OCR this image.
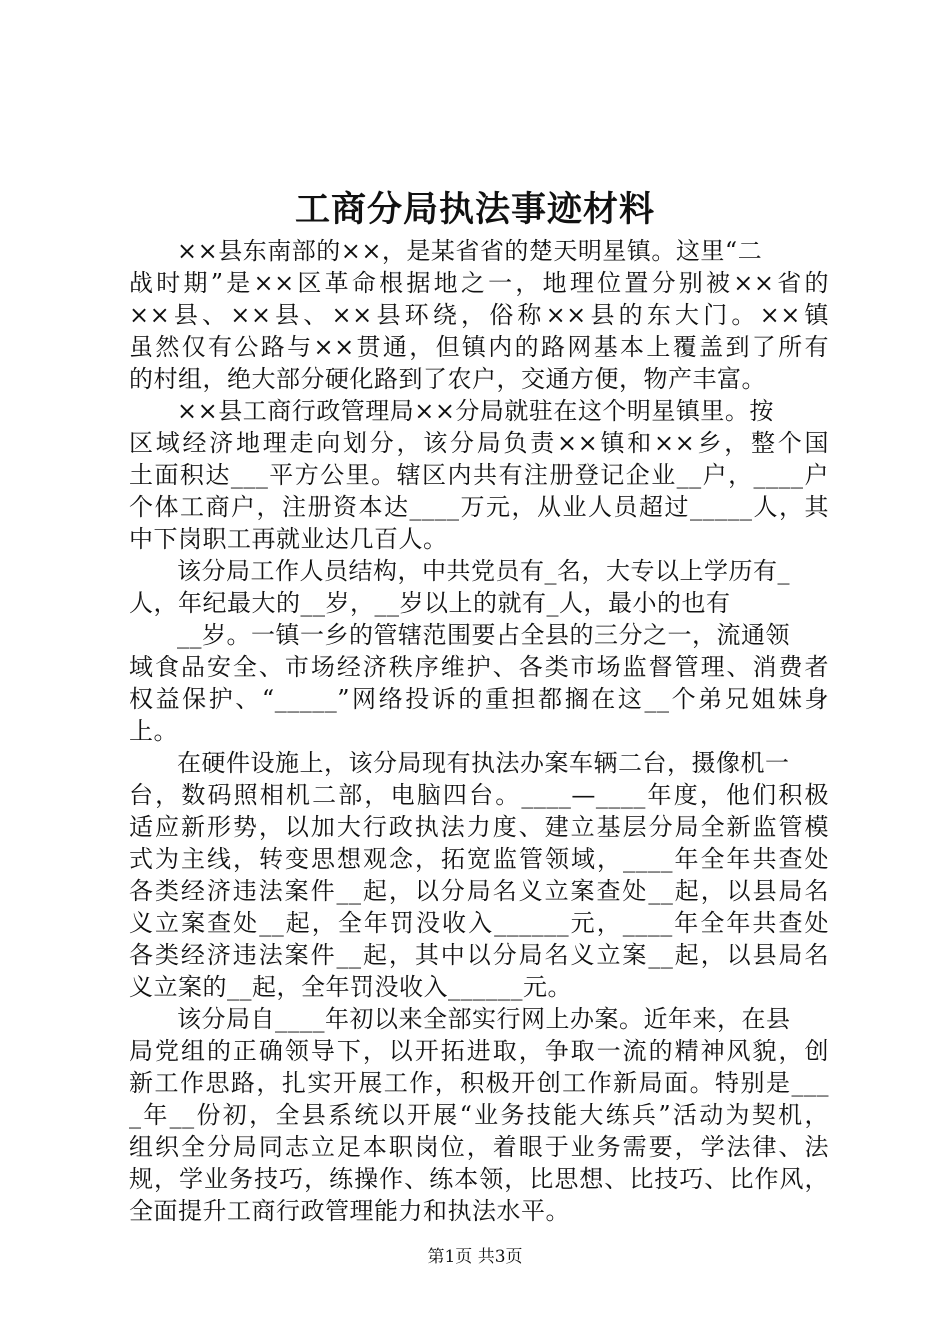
工商分局执法事迹材料
××县东南部的××，是某省省的楚天明星镇。这里“二
战时期”是××区革命根据地之一，地理位置分别被××省的
××县、××县、××县环绕，俗称××县的东大门。××镇
虽然仅有公路与××贯通，但镇内的路网基本上覆盖到了所有
的村组，绝大部分硬化路到了农户，交通方便，物产丰富。
××县工商行政管理局××分局就驻在这个明星镇里。按
区域经济地理走向划分，该分局负责××镇和××乡，整个国
土面积达___平方公里。辖区内共有注册登记企业__户，____户
个体工商户，注册资本达____万元，从业人员超过_____人，其
中下岗职工再就业达几百人。
该分局工作人员结构，中共党员有_名，大专以上学历有_
人，年纪最大的__岁，__岁以上的就有_人，最小的也有
__岁。一镇一乡的管辖范围要占全县的三分之一，流通领
域食品安全、市场经济秩序维护、各类市场监督管理、消费者
权益保护、“_____”网络投诉的重担都搁在这__个弟兄姐妹身
上。
在硬件设施上，该分局现有执法办案车辆二台，摄像机一
台，数码照相机二部，电脑四台。____—____年度，他们积极
适应新形势，以加大行政执法力度、建立基层分局全新监管模
式为主线，转变思想观念，拓宽监管领域，____年全年共查处
各类经济违法案件__起，以分局名义立案查处__起，以县局名
义立案查处__起，全年罚没收入______元，____年全年共查处
各类经济违法案件__起，其中以分局名义立案__起，以县局名
义立案的__起，全年罚没收入______元。
该分局自____年初以来全部实行网上办案。近年来，在县
局党组的正确领导下，以开拓进取，争取一流的精神风貌，创
新工作思路，扎实开展工作，积极开创工作新局面。特别是___
_年__份初，全县系统以开展“业务技能大练兵”活动为契机，
组织全分局同志立足本职岗位，着眼于业务需要，学法律、法
规，学业务技巧，练操作、练本领，比思想、比技巧、比作风，
全面提升工商行政管理能力和执法水平。
第1页 共3页
